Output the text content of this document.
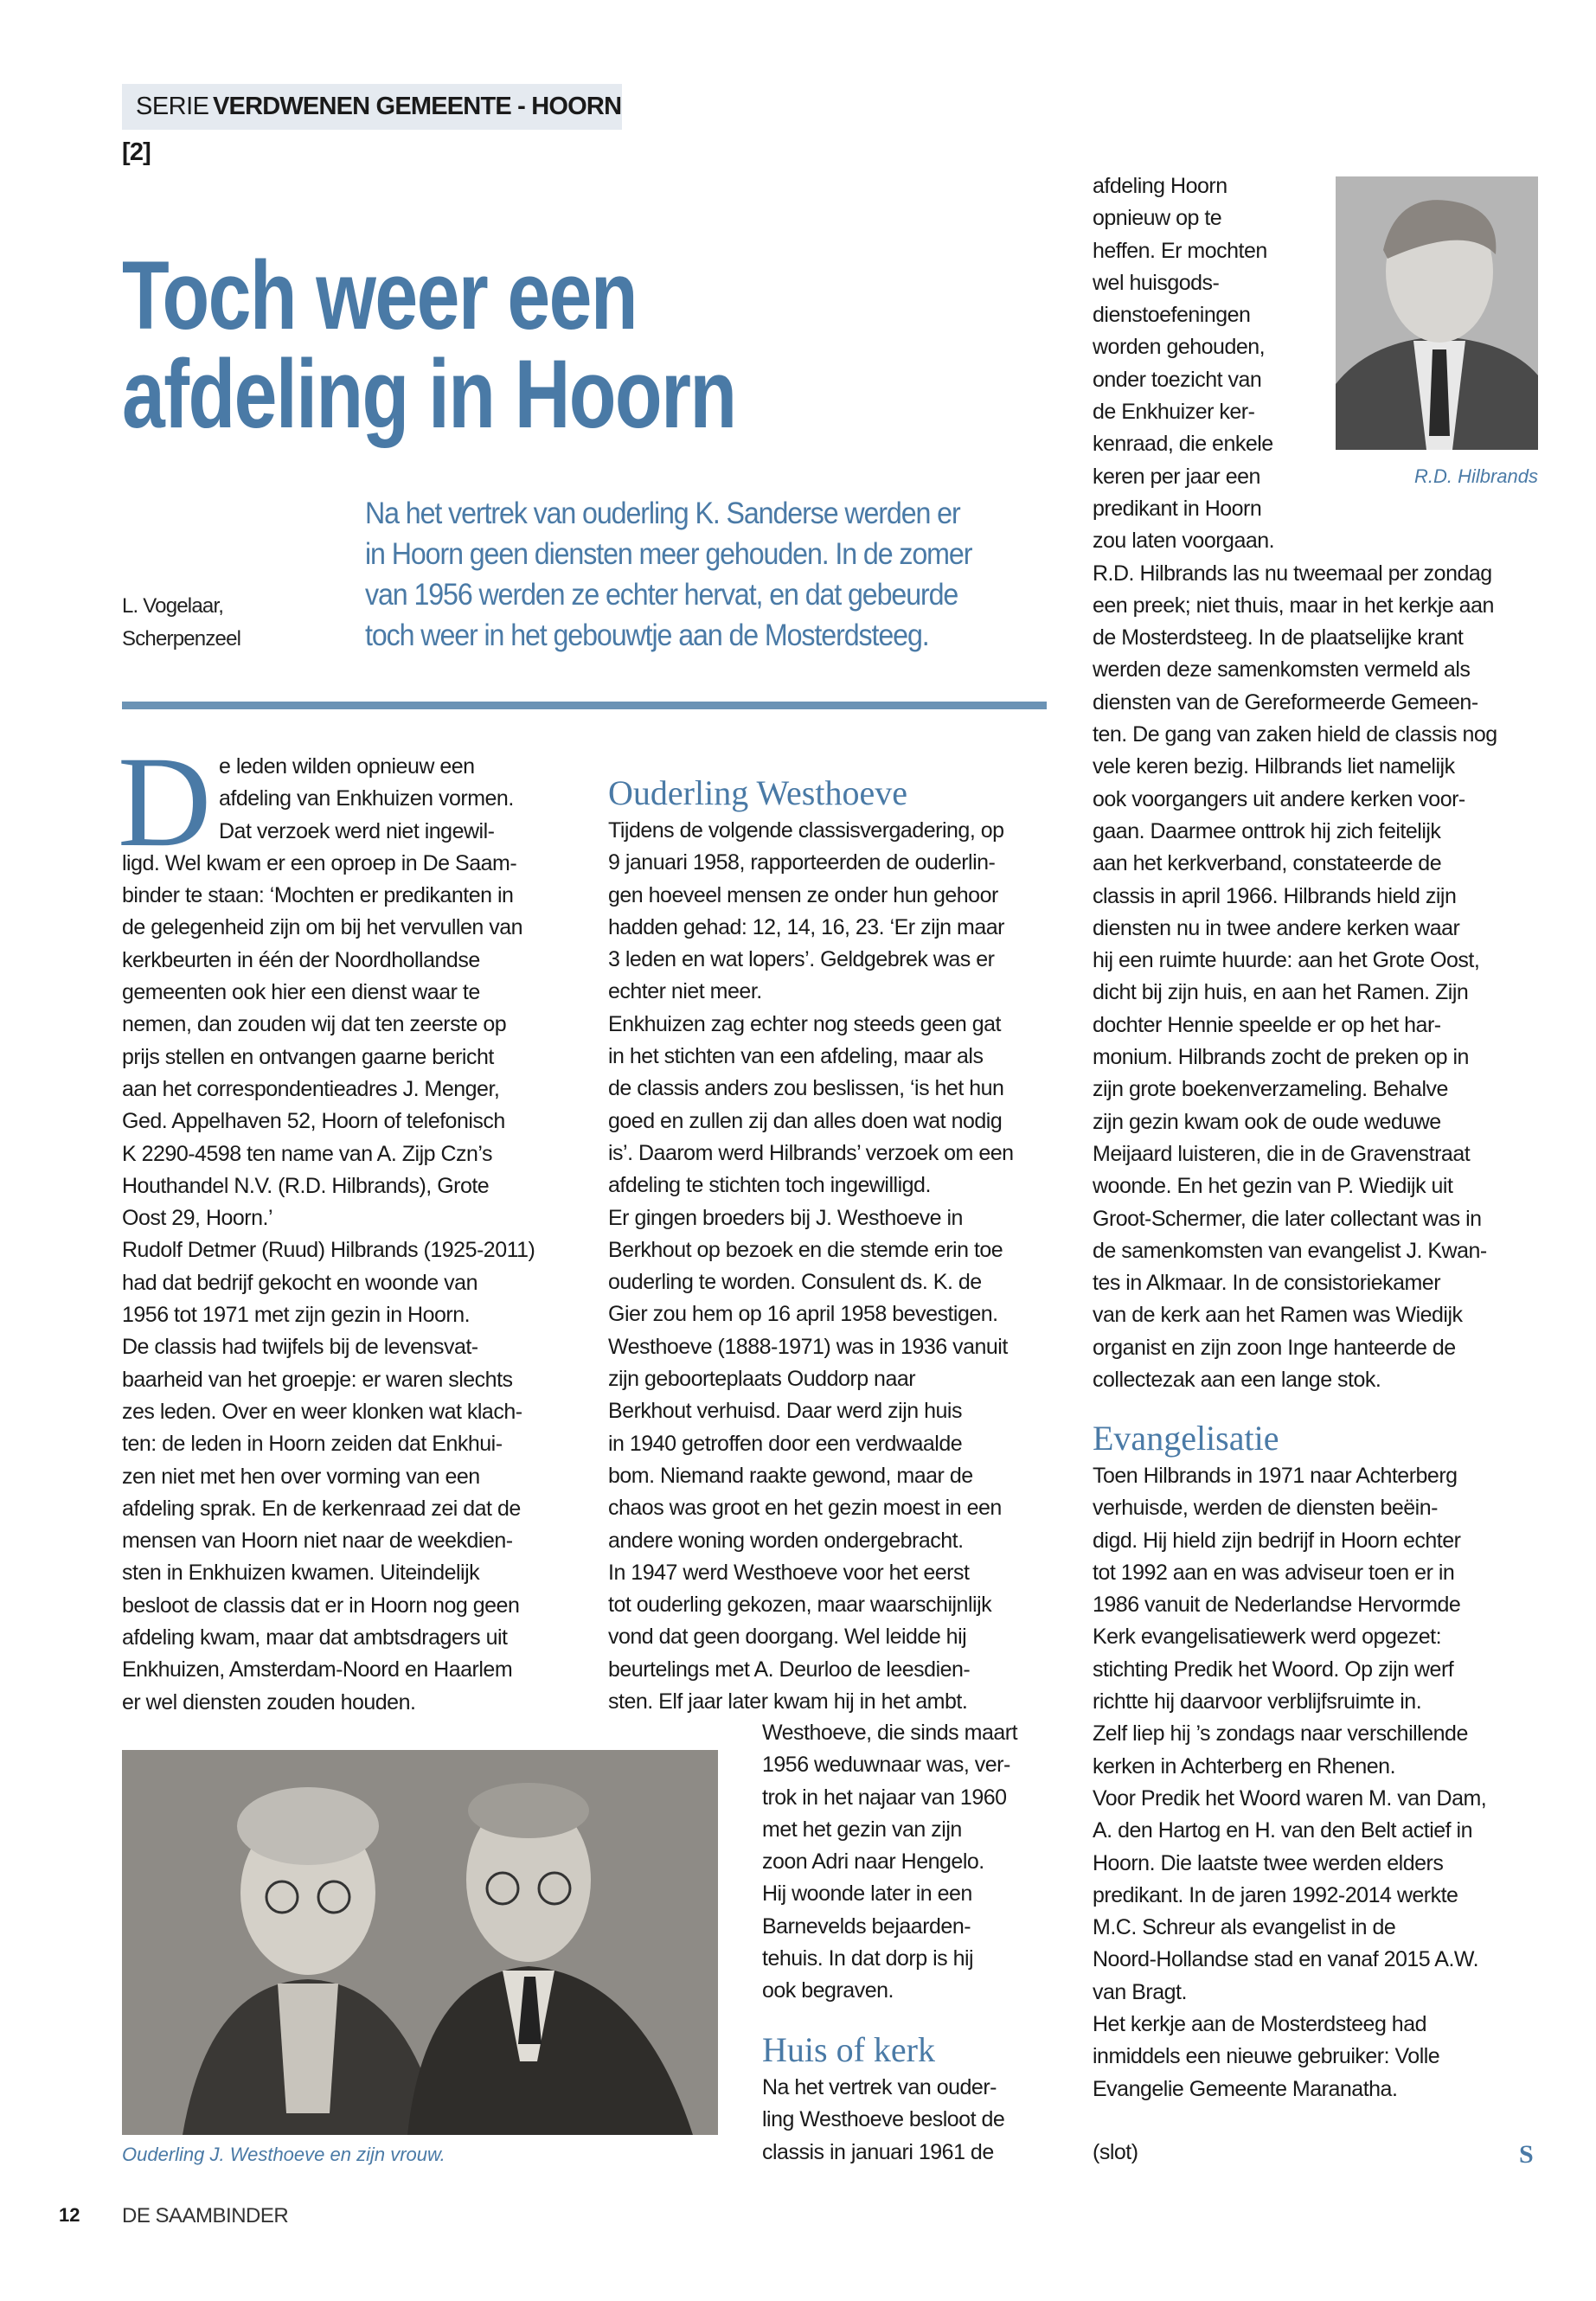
SERIE VERDWENEN GEMEENTE - HOORN [2]
Toch weer een
afdeling in Hoorn
L. Vogelaar,
Scherpenzeel
Na het vertrek van ouderling K. Sanderse werden er
in Hoorn geen diensten meer gehouden. In de zomer
van 1956 werden ze echter hervat, en dat gebeurde
toch weer in het gebouwtje aan de Mosterdsteeg.
D e leden wilden opnieuw een
afdeling van Enkhuizen vormen.
Dat verzoek werd niet ingewil-
ligd. Wel kwam er een oproep in De Saam-
binder te staan: ‘Mochten er predikanten in
de gelegenheid zijn om bij het vervullen van
kerkbeurten in één der Noordhollandse
gemeenten ook hier een dienst waar te
nemen, dan zouden wij dat ten zeerste op
prijs stellen en ontvangen gaarne bericht
aan het correspondentieadres J. Menger,
Ged. Appelhaven 52, Hoorn of telefonisch
K 2290-4598 ten name van A. Zijp Czn’s
Houthandel N.V. (R.D. Hilbrands), Grote
Oost 29, Hoorn.’
Rudolf Detmer (Ruud) Hilbrands (1925-2011)
had dat bedrijf gekocht en woonde van
1956 tot 1971 met zijn gezin in Hoorn.
De classis had twijfels bij de levensvat-
baarheid van het groepje: er waren slechts
zes leden. Over en weer klonken wat klach-
ten: de leden in Hoorn zeiden dat Enkhui-
zen niet met hen over vorming van een
afdeling sprak. En de kerkenraad zei dat de
mensen van Hoorn niet naar de weekdien-
sten in Enkhuizen kwamen. Uiteindelijk
besloot de classis dat er in Hoorn nog geen
afdeling kwam, maar dat ambtsdragers uit
Enkhuizen, Amsterdam-Noord en Haarlem
er wel diensten zouden houden.
Ouderling Westhoeve
Tijdens de volgende classisvergadering, op
9 januari 1958, rapporteerden de ouderlin-
gen hoeveel mensen ze onder hun gehoor
hadden gehad: 12, 14, 16, 23. ‘Er zijn maar
3 leden en wat lopers’. Geldgebrek was er
echter niet meer.
Enkhuizen zag echter nog steeds geen gat
in het stichten van een afdeling, maar als
de classis anders zou beslissen, ‘is het hun
goed en zullen zij dan alles doen wat nodig
is’. Daarom werd Hilbrands’ verzoek om een
afdeling te stichten toch ingewilligd.
Er gingen broeders bij J. Westhoeve in
Berkhout op bezoek en die stemde erin toe
ouderling te worden. Consulent ds. K. de
Gier zou hem op 16 april 1958 bevestigen.
Westhoeve (1888-1971) was in 1936 vanuit
zijn geboorteplaats Ouddorp naar
Berkhout verhuisd. Daar werd zijn huis
in 1940 getroffen door een verdwaalde
bom. Niemand raakte gewond, maar de
chaos was groot en het gezin moest in een
andere woning worden ondergebracht.
In 1947 werd Westhoeve voor het eerst
tot ouderling gekozen, maar waarschijnlijk
vond dat geen doorgang. Wel leidde hij
beurtelings met A. Deurloo de leesdien-
sten. Elf jaar later kwam hij in het ambt.
Westhoeve, die sinds maart
1956 weduwnaar was, ver-
trok in het najaar van 1960
met het gezin van zijn
zoon Adri naar Hengelo.
Hij woonde later in een
Barnevelds bejaarden-
tehuis. In dat dorp is hij
ook begraven.
Huis of kerk
Na het vertrek van ouder-
ling Westhoeve besloot de
classis in januari 1961 de
Ouderling J. Westhoeve en zijn vrouw.
R.D. Hilbrands
afdeling Hoorn
opnieuw op te
heffen. Er mochten
wel huisgods-
dienstoefeningen
worden gehouden,
onder toezicht van
de Enkhuizer ker-
kenraad, die enkele
keren per jaar een
predikant in Hoorn
zou laten voorgaan.
R.D. Hilbrands las nu tweemaal per zondag
een preek; niet thuis, maar in het kerkje aan
de Mosterdsteeg. In de plaatselijke krant
werden deze samenkomsten vermeld als
diensten van de Gereformeerde Gemeen-
ten. De gang van zaken hield de classis nog
vele keren bezig. Hilbrands liet namelijk
ook voorgangers uit andere kerken voor-
gaan. Daarmee onttrok hij zich feitelijk
aan het kerkverband, constateerde de
classis in april 1966. Hilbrands hield zijn
diensten nu in twee andere kerken waar
hij een ruimte huurde: aan het Grote Oost,
dicht bij zijn huis, en aan het Ramen. Zijn
dochter Hennie speelde er op het har-
monium. Hilbrands zocht de preken op in
zijn grote boekenverzameling. Behalve
zijn gezin kwam ook de oude weduwe
Meijaard luisteren, die in de Gravenstraat
woonde. En het gezin van P. Wiedijk uit
Groot-Schermer, die later collectant was in
de samenkomsten van evangelist J. Kwan-
tes in Alkmaar. In de consistoriekamer
van de kerk aan het Ramen was Wiedijk
organist en zijn zoon Inge hanteerde de
collectezak aan een lange stok.
Evangelisatie
Toen Hilbrands in 1971 naar Achterberg
verhuisde, werden de diensten beëin-
digd. Hij hield zijn bedrijf in Hoorn echter
tot 1992 aan en was adviseur toen er in
1986 vanuit de Nederlandse Hervormde
Kerk evangelisatiewerk werd opgezet:
stichting Predik het Woord. Op zijn werf
richtte hij daarvoor verblijfsruimte in.
Zelf liep hij ’s zondags naar verschillende
kerken in Achterberg en Rhenen.
Voor Predik het Woord waren M. van Dam,
A. den Hartog en H. van den Belt actief in
Hoorn. Die laatste twee werden elders
predikant. In de jaren 1992-2014 werkte
M.C. Schreur als evangelist in de
Noord-Hollandse stad en vanaf 2015 A.W.
van Bragt.
Het kerkje aan de Mosterdsteeg had
inmiddels een nieuwe gebruiker: Volle
Evangelie Gemeente Maranatha.
(slot)	S
12 DE SAAMBINDER
